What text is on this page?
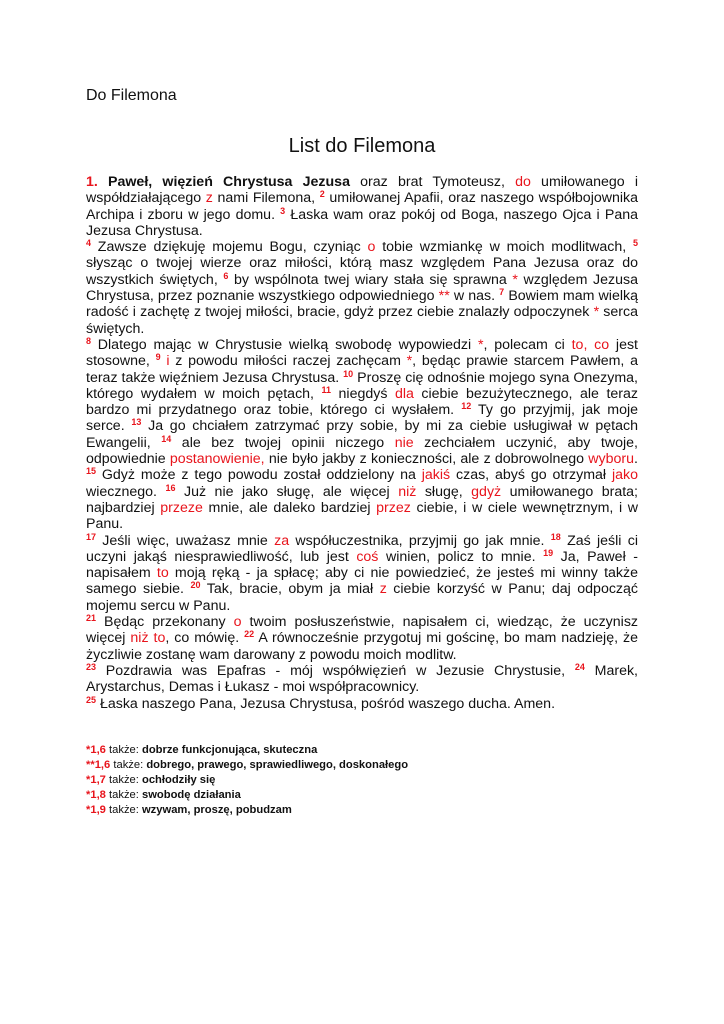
Do Filemona
List do Filemona

1. Paweł, więzień Chrystusa Jezusa oraz brat Tymoteusz, do umiłowanego i współdziałającego z nami Filemona, $^2$ umiłowanej Apafii, oraz naszego współbojownika Archipa i zboru w jego domu. $^3$ Łaska wam oraz pokój od Boga, naszego Ojca i Pana Jezusa Chrystusa.

$^4$ Zawsze dziękuję mojemu Bogu, czyniąc o tobie wzmiankę w moich modlitwach, $^5$ słysząc o twojej wierze oraz miłości, którą masz względem Pana Jezusa oraz do wszystkich świętych, $^6$ by wspólnota twej wiary stała się sprawna * względem Jezusa Chrystusa, przez poznanie wszystkiego odpowiedniego ** w nas. $^7$ Bowiem mam wielką radość i zachętę z twojej miłości, bracie, gdyż przez ciebie znalazły odpoczynek * serca świętych.

$^8$ Dlatego mając w Chrystusie wielką swobodę wypowiedzi *, polecam ci to, co jest stosowne, $^9$ i z powodu miłości raczej zachęcam *, będąc prawie starcem Pawłem, a teraz także więźniem Jezusa Chrystusa. $^{10}$ Proszę cię odnośnie mojego syna Onezyma, którego wydałem w moich pętach, $^{11}$ niegdyś dla ciebie bezużytecznego, ale teraz bardzo mi przydatnego oraz tobie, którego ci wysłałem. $^{12}$ Ty go przyjmij, jak moje serce. $^{13}$ Ja go chciałem zatrzymać przy sobie, by mi za ciebie usługiwał w pętach Ewangelii, $^{14}$ ale bez twojej opinii niczego nie zechciałem uczynić, aby twoje, odpowiednie postanowienie, nie było jakby z konieczności, ale z dobrowolnego wyboru. $^{15}$ Gdyż może z tego powodu został oddzielony na jakiś czas, abyś go otrzymał jako wiecznego. $^{16}$ Już nie jako sługę, ale więcej niż sługę, gdyż umiłowanego brata; najbardziej przeze mnie, ale daleko bardziej przez ciebie, i w ciele wewnętrznym, i w Panu.

$^{17}$ Jeśli więc, uważasz mnie za współuczestnika, przyjmij go jak mnie. $^{18}$ Zaś jeśli ci uczyni jakąś niesprawiedliwość, lub jest coś winien, policz to mnie. $^{19}$ Ja, Paweł - napisałem to moją ręką - ja spłacę; aby ci nie powiedzieć, że jesteś mi winny także samego siebie. $^{20}$ Tak, bracie, obym ja miał z ciebie korzyść w Panu; daj odpocząć mojemu sercu w Panu.

$^{21}$ Będąc przekonany o twoim posłuszeństwie, napisałem ci, wiedząc, że uczynisz więcej niż to, co mówię. $^{22}$ A równocześnie przygotuj mi gościnę, bo mam nadzieję, że życzliwie zostanę wam darowany z powodu moich modlitw.

$^{23}$ Pozdrawia was Epafras - mój współwięzień w Jezusie Chrystusie, $^{24}$ Marek, Arystarchus, Demas i Łukasz - moi współpracownicy.

$^{25}$ Łaska naszego Pana, Jezusa Chrystusa, pośród waszego ducha. Amen.

*1,6 także: dobrze funkcjonująca, skuteczna
**1,6 także: dobrego, prawego, sprawiedliwego, doskonałego
*1,7 także: ochłodziły się
*1,8 także: swobodę działania
*1,9 także: wzywam, proszę, pobudzam
